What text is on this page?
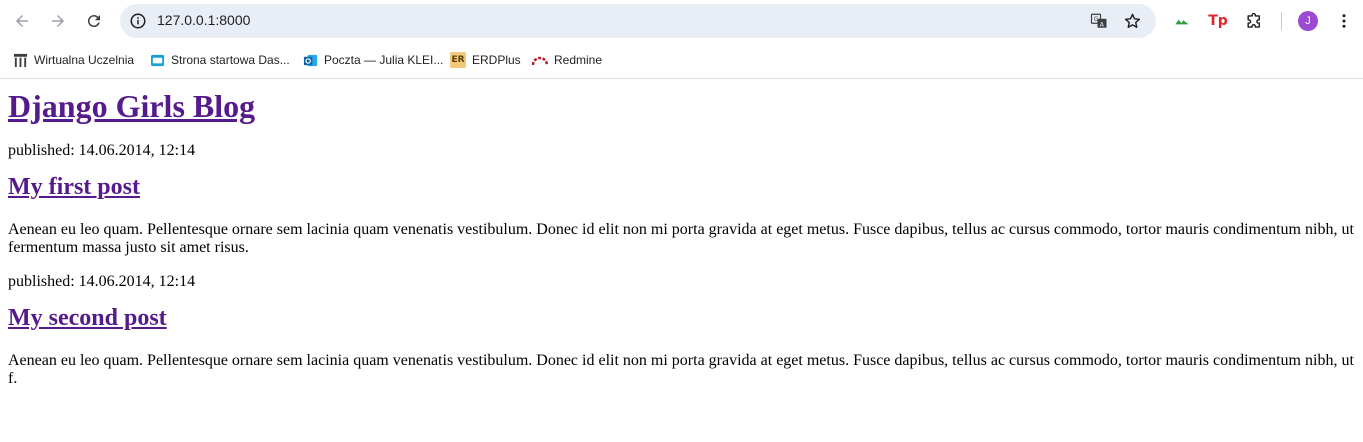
127.0.0.1:8000	G
A	Tp	J
Wirtualna Uczelnia	Strona startowa Das...	Poczta — Julia KLEI... ER ERDPlus	Redmine
Django Girls Blog

published: 14.06.2014, 12:14

My first post

Aenean eu leo quam. Pellentesque ornare sem lacinia quam venenatis vestibulum. Donec id elit non mi porta gravida at eget metus. Fusce dapibus, tellus ac cursus commodo, tortor mauris condimentum nibh, ut fermentum massa justo sit amet risus.

published: 14.06.2014, 12:14

My second post

Aenean eu leo quam. Pellentesque ornare sem lacinia quam venenatis vestibulum. Donec id elit non mi porta gravida at eget metus. Fusce dapibus, tellus ac cursus commodo, tortor mauris condimentum nibh, ut f.
